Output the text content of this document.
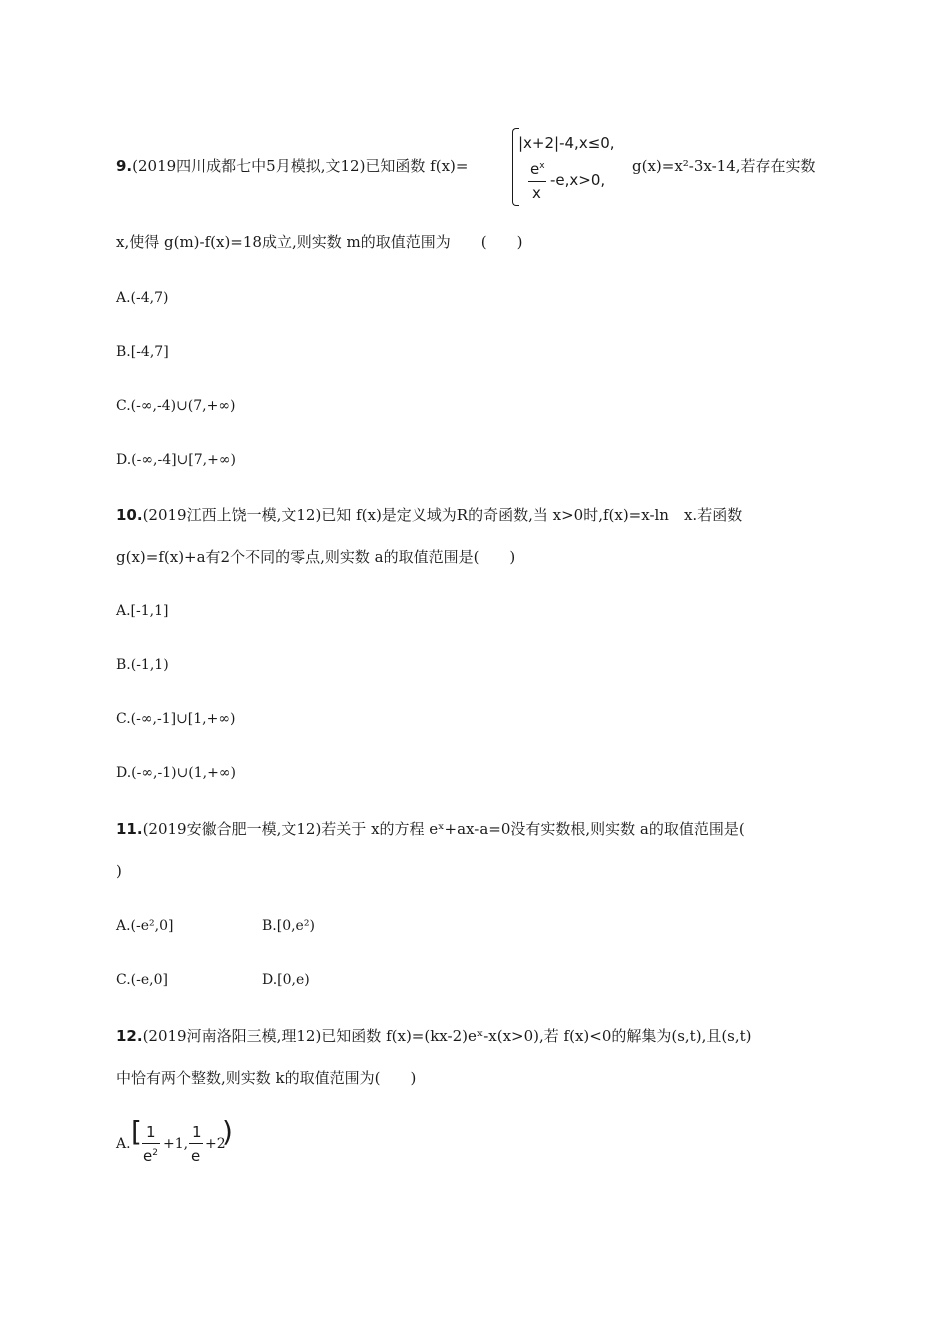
9.(2019四川成都七中5月模拟,文12)已知函数 f(x)=
|x+2|-4,x≤0,
$e^x$
x
-e,x>0,
g(x)=x²-3x-14,若存在实数
x,使得 g(m)-f(x)=18成立,则实数 m的取值范围为　　(　　)
A.(-4,7)
B.[-4,7]
C.(-∞,-4)∪(7,+∞)
D.(-∞,-4]∪[7,+∞)
10.(2019江西上饶一模,文12)已知 f(x)是定义域为R的奇函数,当 x>0时,f(x)=x-ln　x.若函数
g(x)=f(x)+a有2个不同的零点,则实数 a的取值范围是(　　)
A.[-1,1]
B.(-1,1)
C.(-∞,-1]∪[1,+∞)
D.(-∞,-1)∪(1,+∞)
11.(2019安徽合肥一模,文12)若关于 x的方程 eˣ+ax-a=0没有实数根,则实数 a的取值范围是(
)
A.(-e²,0]	B.[0,e²)
C.(-e,0]	D.[0,e)
12.(2019河南洛阳三模,理12)已知函数 f(x)=(kx-2)eˣ-x(x>0),若 f(x)<0的解集为(s,t),且(s,t)
中恰有两个整数,则实数 k的取值范围为(　　)
A. [ 1
$e^2$
+1,
1
e
+2
)
